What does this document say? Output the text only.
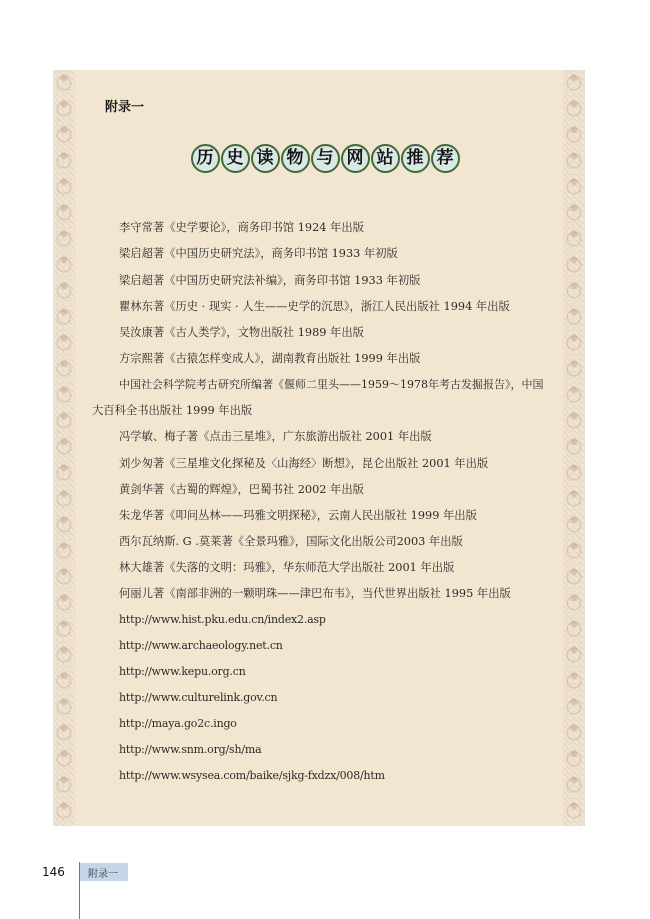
附录一
历 史 读 物 与 网 站 推 荐
李守常著《史学要论》，商务印书馆 1924 年出版
梁启超著《中国历史研究法》，商务印书馆 1933 年初版
梁启超著《中国历史研究法补编》，商务印书馆 1933 年初版
瞿林东著《历史 · 现实 · 人生——史学的沉思》，浙江人民出版社 1994 年出版
吴汝康著《古人类学》，文物出版社 1989 年出版
方宗熙著《古猿怎样变成人》，湖南教育出版社 1999 年出版
中国社会科学院考古研究所编著《偃师二里头——1959～1978年考古发掘报告》，中国
大百科全书出版社 1999 年出版
冯学敏、梅子著《点击三星堆》，广东旅游出版社 2001 年出版
刘少匆著《三星堆文化探秘及〈山海经〉断想》，昆仑出版社 2001 年出版
黄剑华著《古蜀的辉煌》，巴蜀书社 2002 年出版
朱龙华著《叩问丛林——玛雅文明探秘》，云南人民出版社 1999 年出版
西尔瓦纳斯. G .莫莱著《全景玛雅》，国际文化出版公司2003 年出版
林大雄著《失落的文明：玛雅》，华东师范大学出版社 2001 年出版
何丽儿著《南部非洲的一颗明珠——津巴布韦》，当代世界出版社 1995 年出版
http://www.hist.pku.edu.cn/index2.asp
http://www.archaeology.net.cn
http://www.kepu.org.cn
http://www.culturelink.gov.cn
http://maya.go2c.ingo
http://www.snm.org/sh/ma
http://www.wsysea.com/baike/sjkg-fxdzx/008/htm
146	附录一
